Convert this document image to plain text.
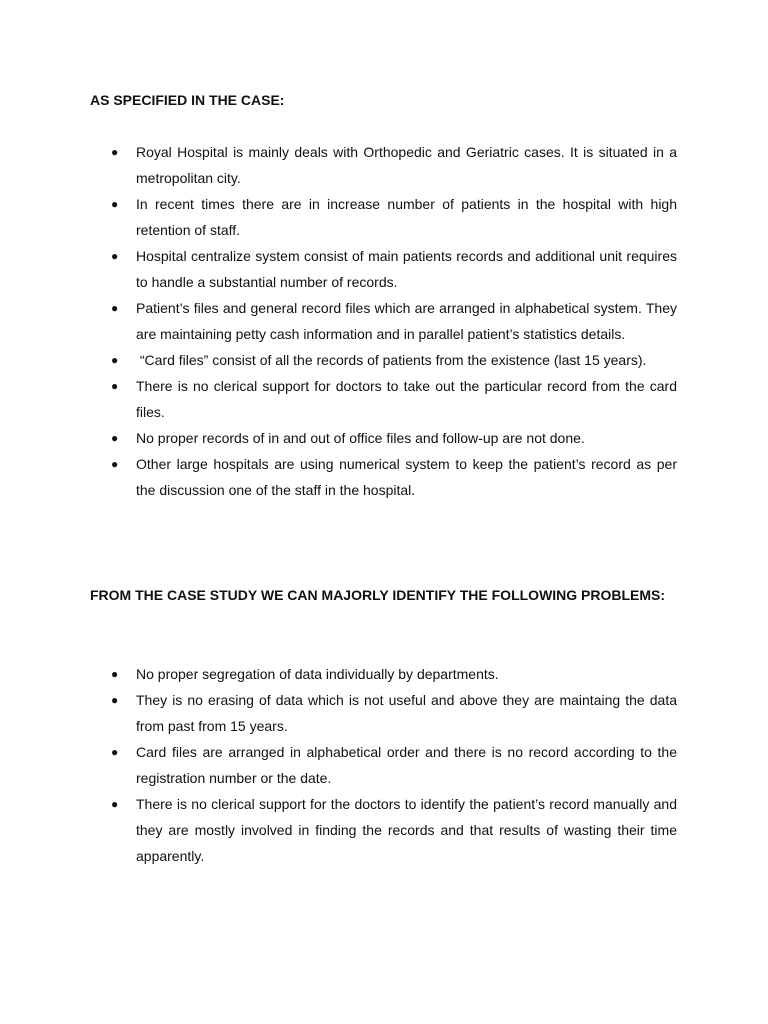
AS SPECIFIED IN THE CASE:
● Royal Hospital is mainly deals with Orthopedic and Geriatric cases. It is situated in a metropolitan city.
● In recent times there are in increase number of patients in the hospital with high retention of staff.
● Hospital centralize system consist of main patients records and additional unit requires to handle a substantial number of records.
● Patient’s files and general record files which are arranged in alphabetical system. They are maintaining petty cash information and in parallel patient’s statistics details.
● “Card files” consist of all the records of patients from the existence (last 15 years).
● There is no clerical support for doctors to take out the particular record from the card files.
● No proper records of in and out of office files and follow-up are not done.
● Other large hospitals are using numerical system to keep the patient’s record as per the discussion one of the staff in the hospital.
FROM THE CASE STUDY WE CAN MAJORLY IDENTIFY THE FOLLOWING PROBLEMS:
● No proper segregation of data individually by departments.
● They is no erasing of data which is not useful and above they are maintaing the data from past from 15 years.
● Card files are arranged in alphabetical order and there is no record according to the registration number or the date.
● There is no clerical support for the doctors to identify the patient’s record manually and they are mostly involved in finding the records and that results of wasting their time apparently.
